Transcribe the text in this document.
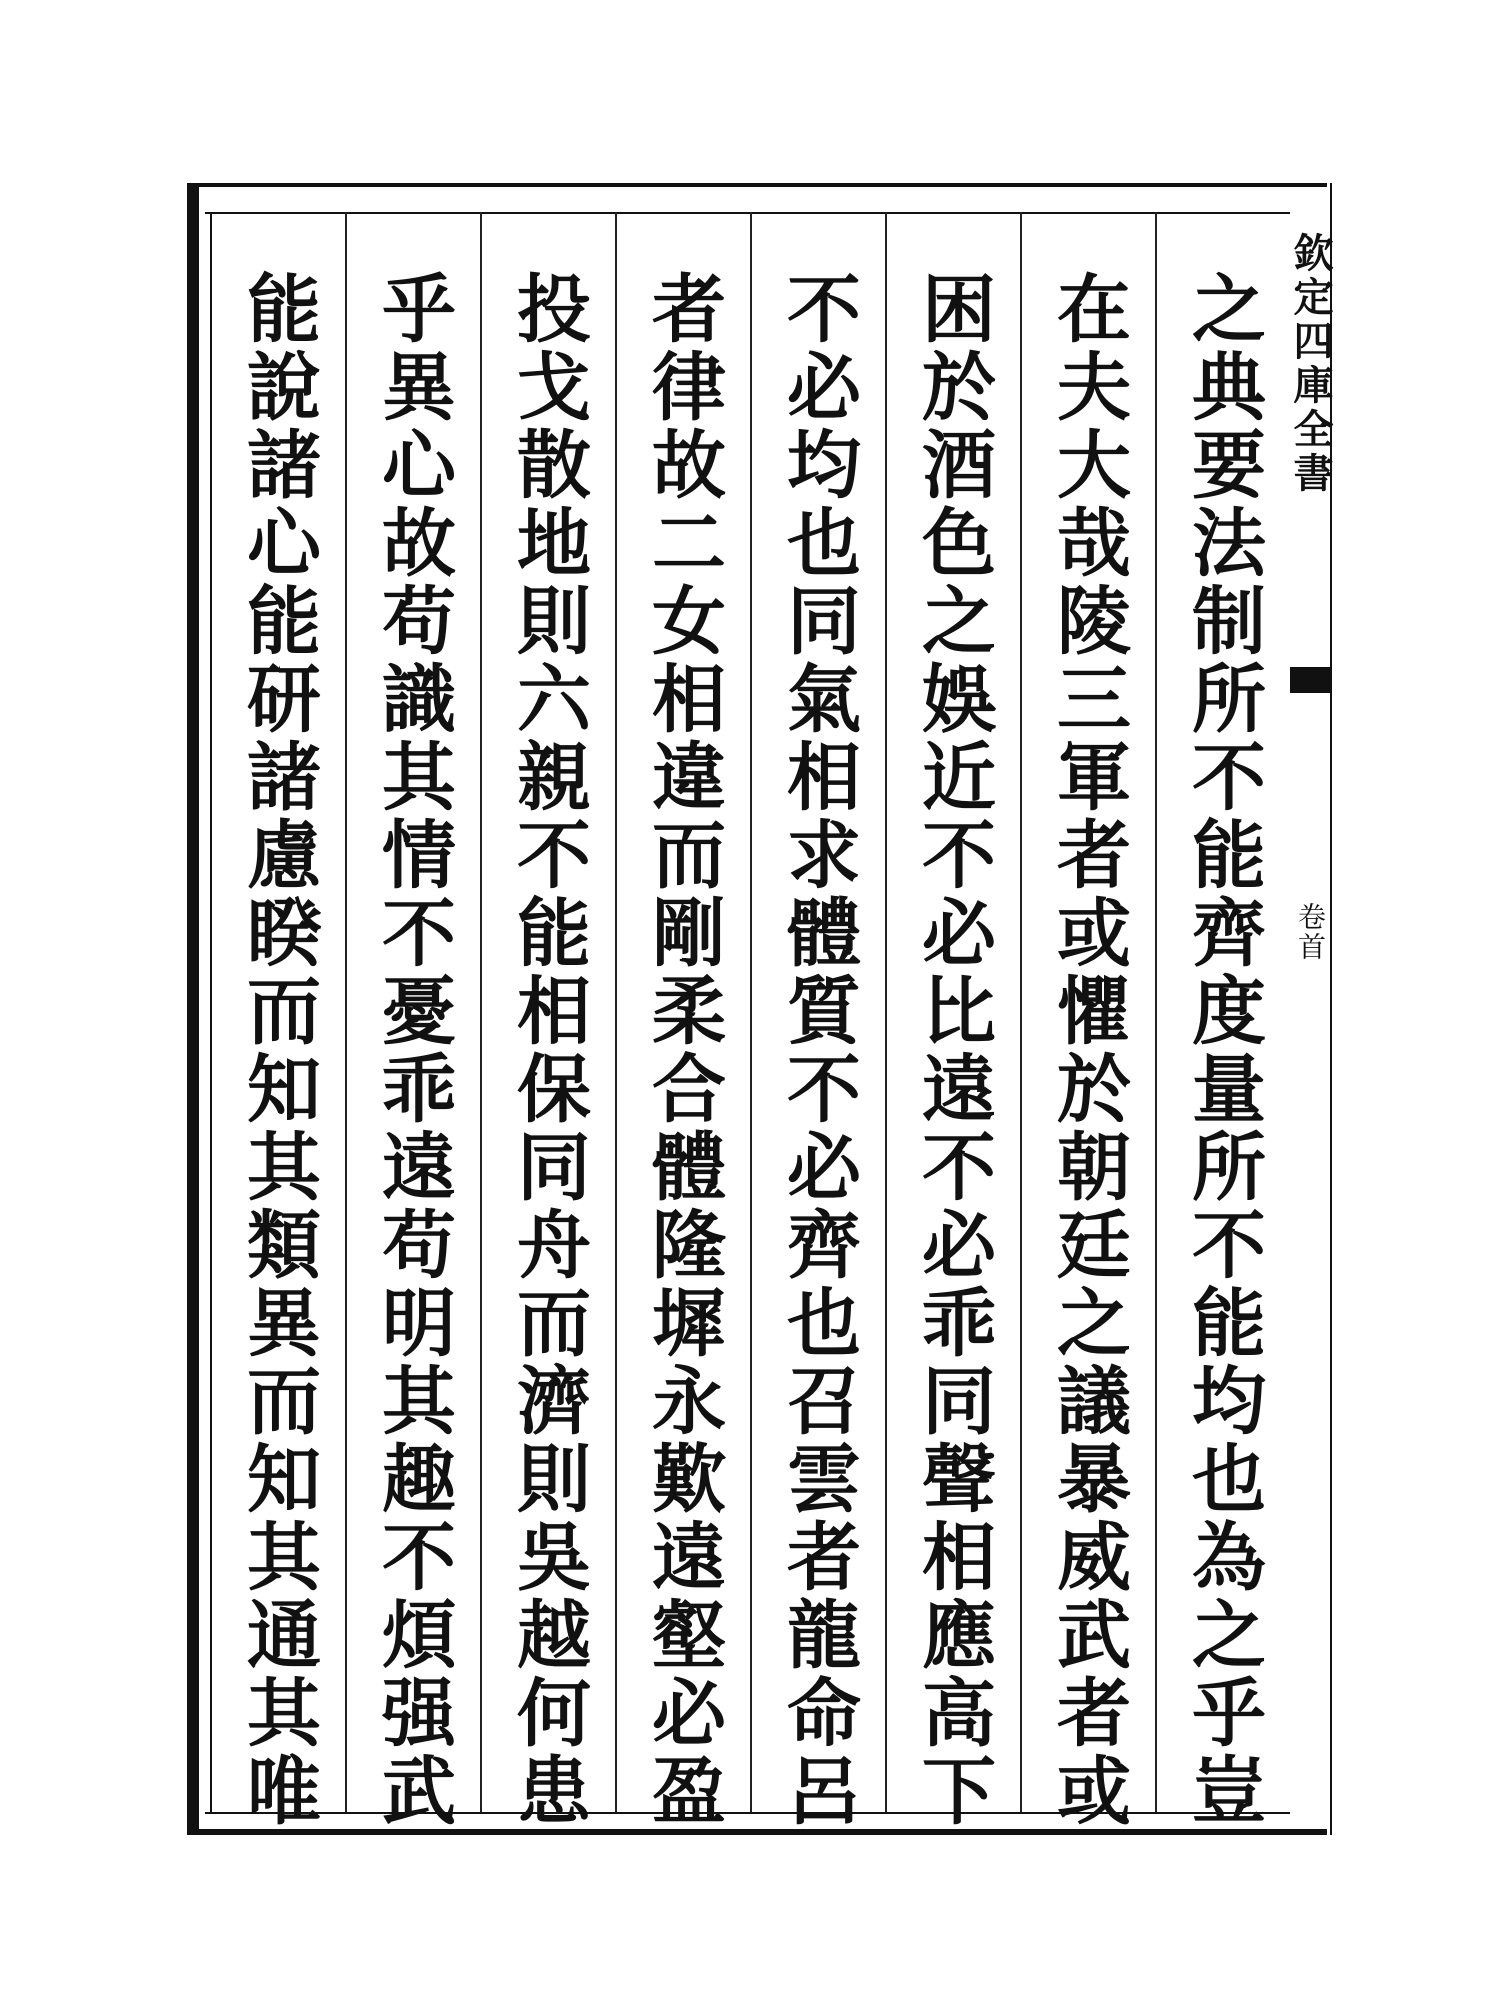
欽定四庫全書
卷首
之典要法制所不能齊度量所不能均也為之乎豈
在夫大哉陵三軍者或懼於朝廷之議暴威武者或
困於酒色之娛近不必比遠不必乖同聲相應高下
不必均也同氣相求體質不必齊也召雲者龍命呂
者律故二女相違而剛柔合體隆墀永歎遠壑必盈
投戈散地則六親不能相保同舟而濟則吳越何患
乎異心故苟識其情不憂乖遠苟明其趣不煩强武
能說諸心能研諸慮睽而知其類異而知其通其唯
